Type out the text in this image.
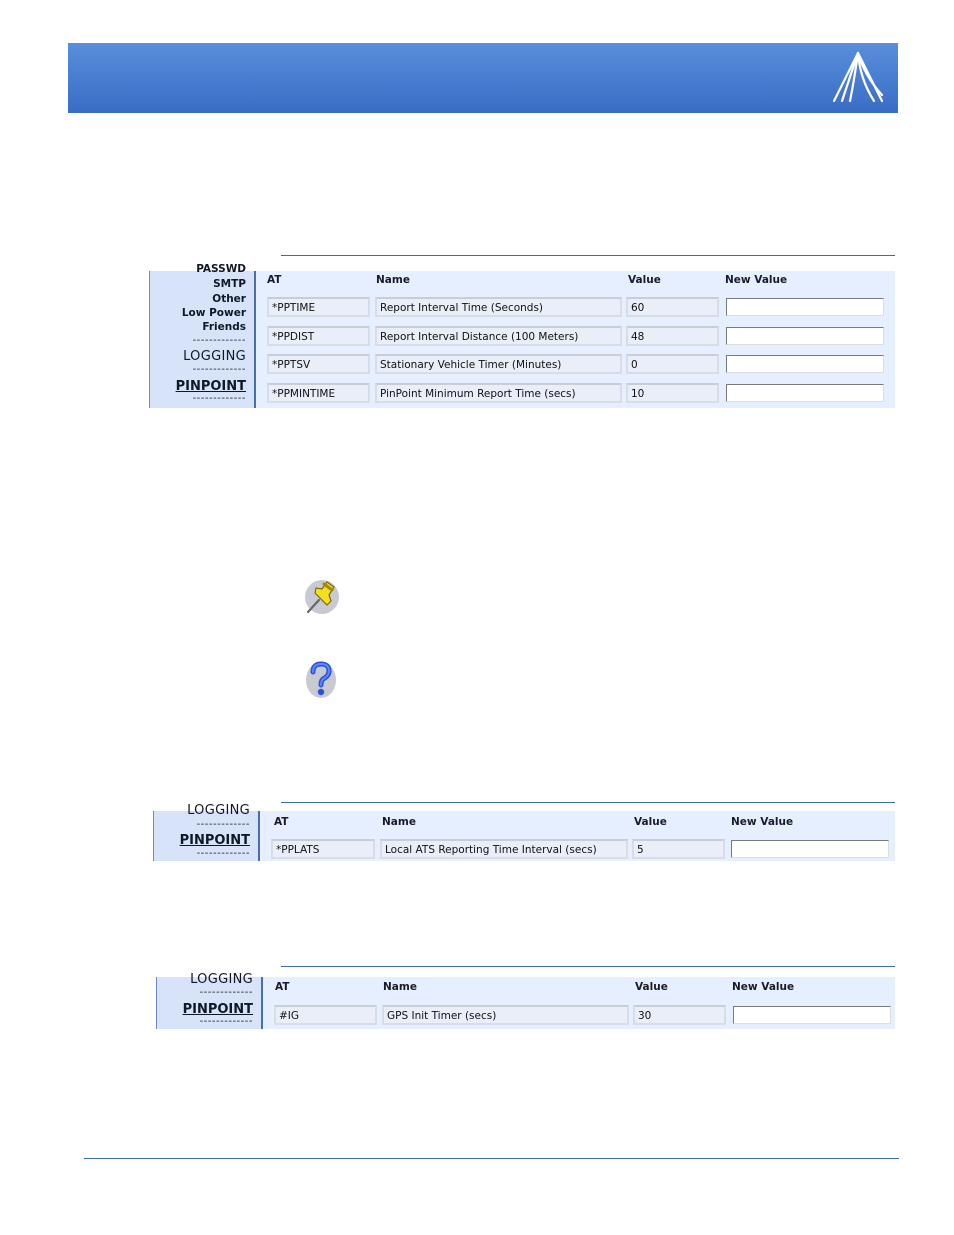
PASSWD
SMTP
Other
Low Power
Friends
-------------
LOGGING
-------------
PINPOINT
-------------
AT	Name	Value	New Value
*PPTIME	Report Interval Time (Seconds)	60
*PPDIST	Report Interval Distance (100 Meters)	48
*PPTSV	Stationary Vehicle Timer (Minutes)	0
*PPMINTIME	PinPoint Minimum Report Time (secs)	10
LOGGING
-------------
PINPOINT
-------------
AT	Name	Value	New Value
*PPLATS	Local ATS Reporting Time Interval (secs)	5
LOGGING
-------------
PINPOINT
-------------
AT	Name	Value	New Value
#IG	GPS Init Timer (secs)	30
